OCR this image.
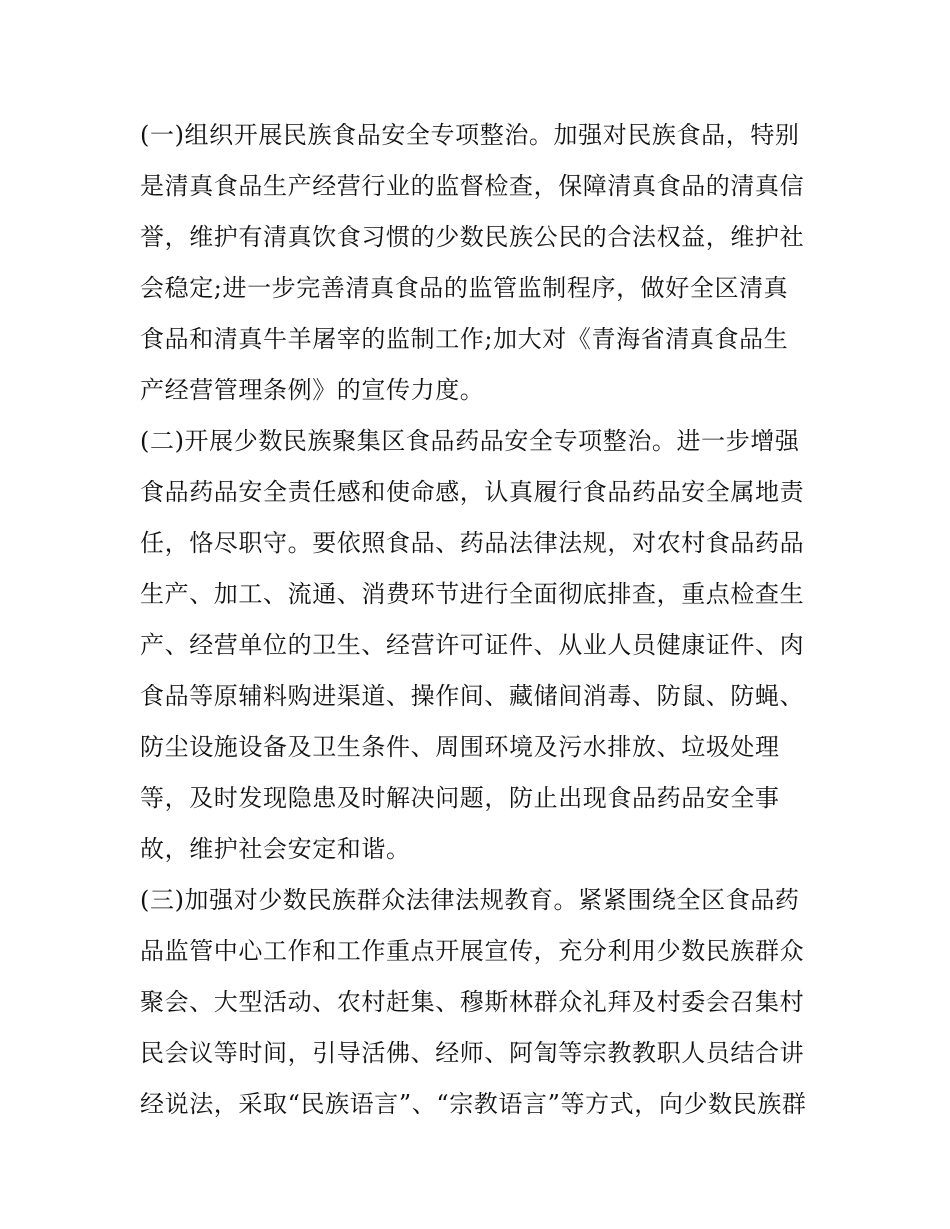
(一)组织开展民族食品安全专项整治。加强对民族食品，特别
是清真食品生产经营行业的监督检查，保障清真食品的清真信
誉，维护有清真饮食习惯的少数民族公民的合法权益，维护社
会稳定;进一步完善清真食品的监管监制程序，做好全区清真
食品和清真牛羊屠宰的监制工作;加大对《青海省清真食品生
产经营管理条例》的宣传力度。
(二)开展少数民族聚集区食品药品安全专项整治。进一步增强
食品药品安全责任感和使命感，认真履行食品药品安全属地责
任，恪尽职守。要依照食品、药品法律法规，对农村食品药品
生产、加工、流通、消费环节进行全面彻底排查，重点检查生
产、经营单位的卫生、经营许可证件、从业人员健康证件、肉
食品等原辅料购进渠道、操作间、藏储间消毒、防鼠、防蝇、
防尘设施设备及卫生条件、周围环境及污水排放、垃圾处理
等，及时发现隐患及时解决问题，防止出现食品药品安全事
故，维护社会安定和谐。
(三)加强对少数民族群众法律法规教育。紧紧围绕全区食品药
品监管中心工作和工作重点开展宣传，充分利用少数民族群众
聚会、大型活动、农村赶集、穆斯林群众礼拜及村委会召集村
民会议等时间，引导活佛、经师、阿訇等宗教教职人员结合讲
经说法，采取“民族语言”、“宗教语言”等方式，向少数民族群
